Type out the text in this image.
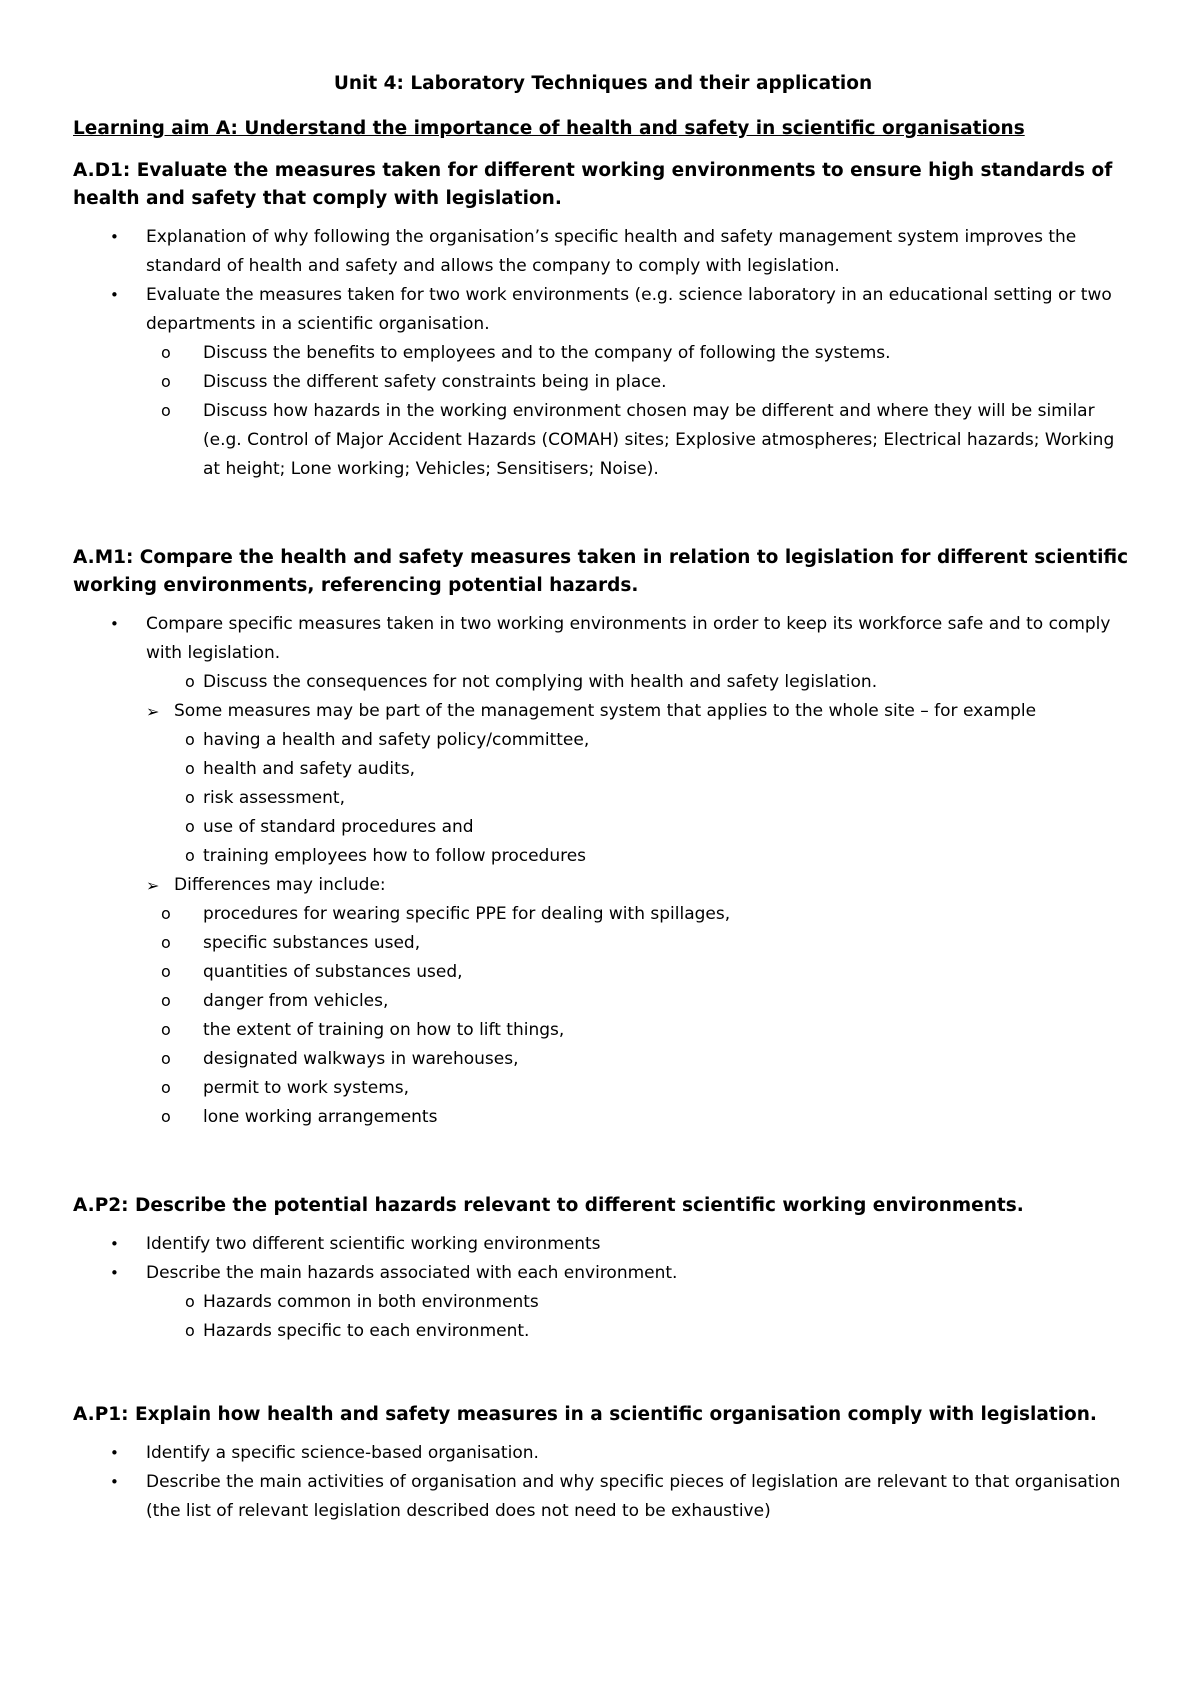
Unit 4: Laboratory Techniques and their application
Learning aim A: Understand the importance of health and safety in scientific organisations
A.D1: Evaluate the measures taken for different working environments to ensure high standards of health and safety that comply with legislation.
• Explanation of why following the organisation’s specific health and safety management system improves the standard of health and safety and allows the company to comply with legislation.
• Evaluate the measures taken for two work environments (e.g. science laboratory in an educational setting or two departments in a scientific organisation.
o Discuss the benefits to employees and to the company of following the systems.
o Discuss the different safety constraints being in place.
o Discuss how hazards in the working environment chosen may be different and where they will be similar (e.g. Control of Major Accident Hazards (COMAH) sites; Explosive atmospheres; Electrical hazards; Working at height; Lone working; Vehicles; Sensitisers; Noise).
A.M1: Compare the health and safety measures taken in relation to legislation for different scientific working environments, referencing potential hazards.
• Compare specific measures taken in two working environments in order to keep its workforce safe and to comply with legislation.
o Discuss the consequences for not complying with health and safety legislation.
➢ Some measures may be part of the management system that applies to the whole site – for example
o having a health and safety policy/committee,
o health and safety audits,
o risk assessment,
o use of standard procedures and
o training employees how to follow procedures
➢ Differences may include:
o procedures for wearing specific PPE for dealing with spillages,
o specific substances used,
o quantities of substances used,
o danger from vehicles,
o the extent of training on how to lift things,
o designated walkways in warehouses,
o permit to work systems,
o lone working arrangements
A.P2: Describe the potential hazards relevant to different scientific working environments.
• Identify two different scientific working environments
• Describe the main hazards associated with each environment.
o Hazards common in both environments
o Hazards specific to each environment.
A.P1: Explain how health and safety measures in a scientific organisation comply with legislation.
• Identify a specific science-based organisation.
• Describe the main activities of organisation and why specific pieces of legislation are relevant to that organisation (the list of relevant legislation described does not need to be exhaustive)
